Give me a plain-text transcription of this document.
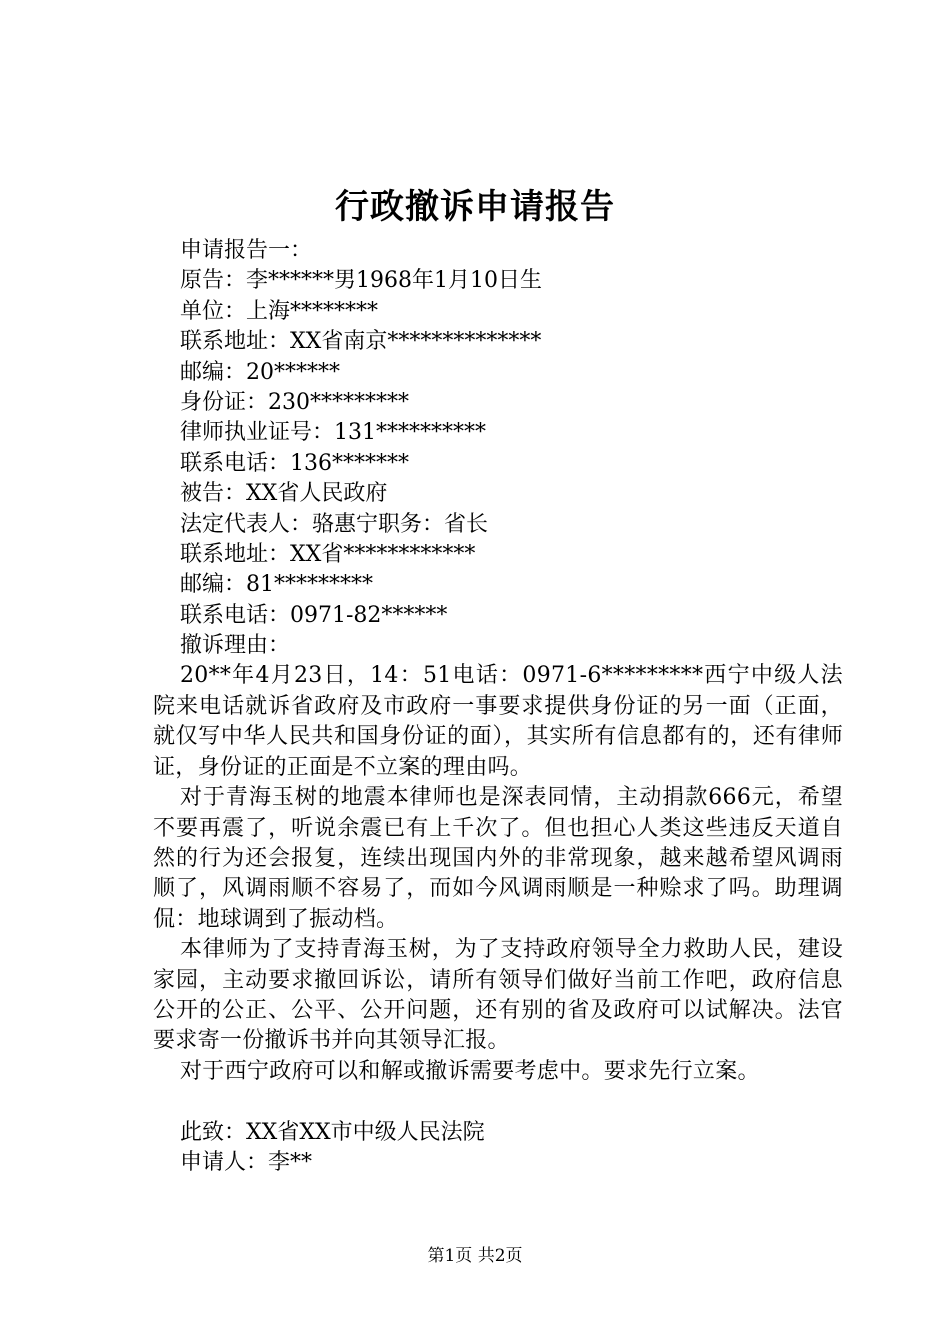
行政撤诉申请报告
申请报告一：
原告：李******男1968年1月10日生
单位：上海********
联系地址：XX省南京**************
邮编：20******
身份证：230*********
律师执业证号：131**********
联系电话：136*******
被告：XX省人民政府
法定代表人：骆惠宁职务：省长
联系地址：XX省************
邮编：81*********
联系电话：0971-82******
撤诉理由：
20**年4月23日，14：51电话：0971-6*********西宁中级人法院来电话就诉省政府及市政府一事要求提供身份证的另一面（正面，就仅写中华人民共和国身份证的面），其实所有信息都有的，还有律师证，身份证的正面是不立案的理由吗。
对于青海玉树的地震本律师也是深表同情，主动捐款666元，希望不要再震了，听说余震已有上千次了。但也担心人类这些违反天道自然的行为还会报复，连续出现国内外的非常现象，越来越希望风调雨顺了，风调雨顺不容易了，而如今风调雨顺是一种赊求了吗。助理调侃：地球调到了振动档。
本律师为了支持青海玉树，为了支持政府领导全力救助人民，建设家园，主动要求撤回诉讼，请所有领导们做好当前工作吧，政府信息公开的公正、公平、公开问题，还有别的省及政府可以试解决。法官要求寄一份撤诉书并向其领导汇报。
对于西宁政府可以和解或撤诉需要考虑中。要求先行立案。
此致：XX省XX市中级人民法院
申请人：李**
第1页 共2页
